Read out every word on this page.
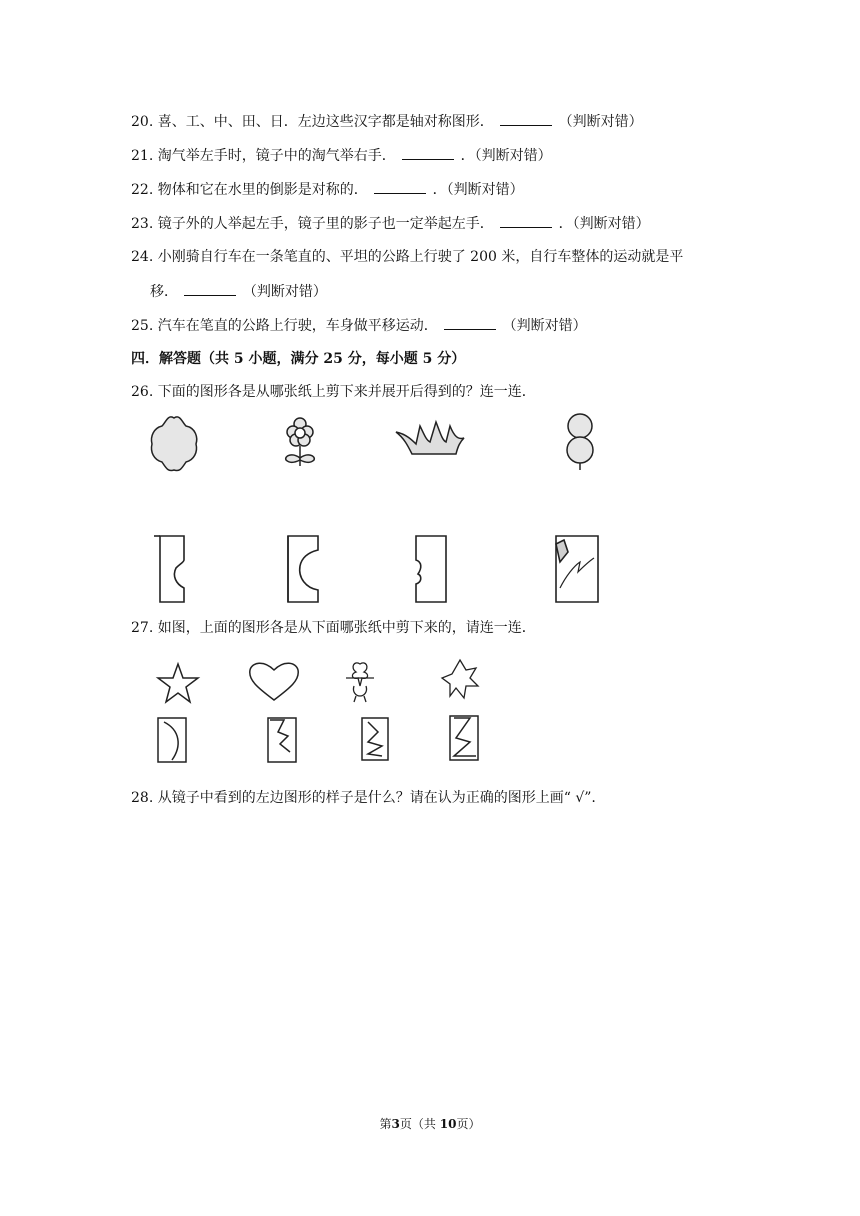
20. 喜、工、中、田、日．左边这些汉字都是轴对称图形．	（判断对错）
21. 淘气举左手时，镜子中的淘气举右手．	．（判断对错）
22. 物体和它在水里的倒影是对称的．	．（判断对错）
23. 镜子外的人举起左手，镜子里的影子也一定举起左手．	．（判断对错）
24. 小刚骑自行车在一条笔直的、平坦的公路上行驶了 200 米，自行车整体的运动就是平
移．	（判断对错）
25. 汽车在笔直的公路上行驶，车身做平移运动．	（判断对错）
四．解答题（共 5 小题，满分 25 分，每小题 5 分）
26. 下面的图形各是从哪张纸上剪下来并展开后得到的？连一连．
27. 如图，上面的图形各是从下面哪张纸中剪下来的，请连一连．
28. 从镜子中看到的左边图形的样子是什么？请在认为正确的图形上画“ √”.
第3页（共 10页）
